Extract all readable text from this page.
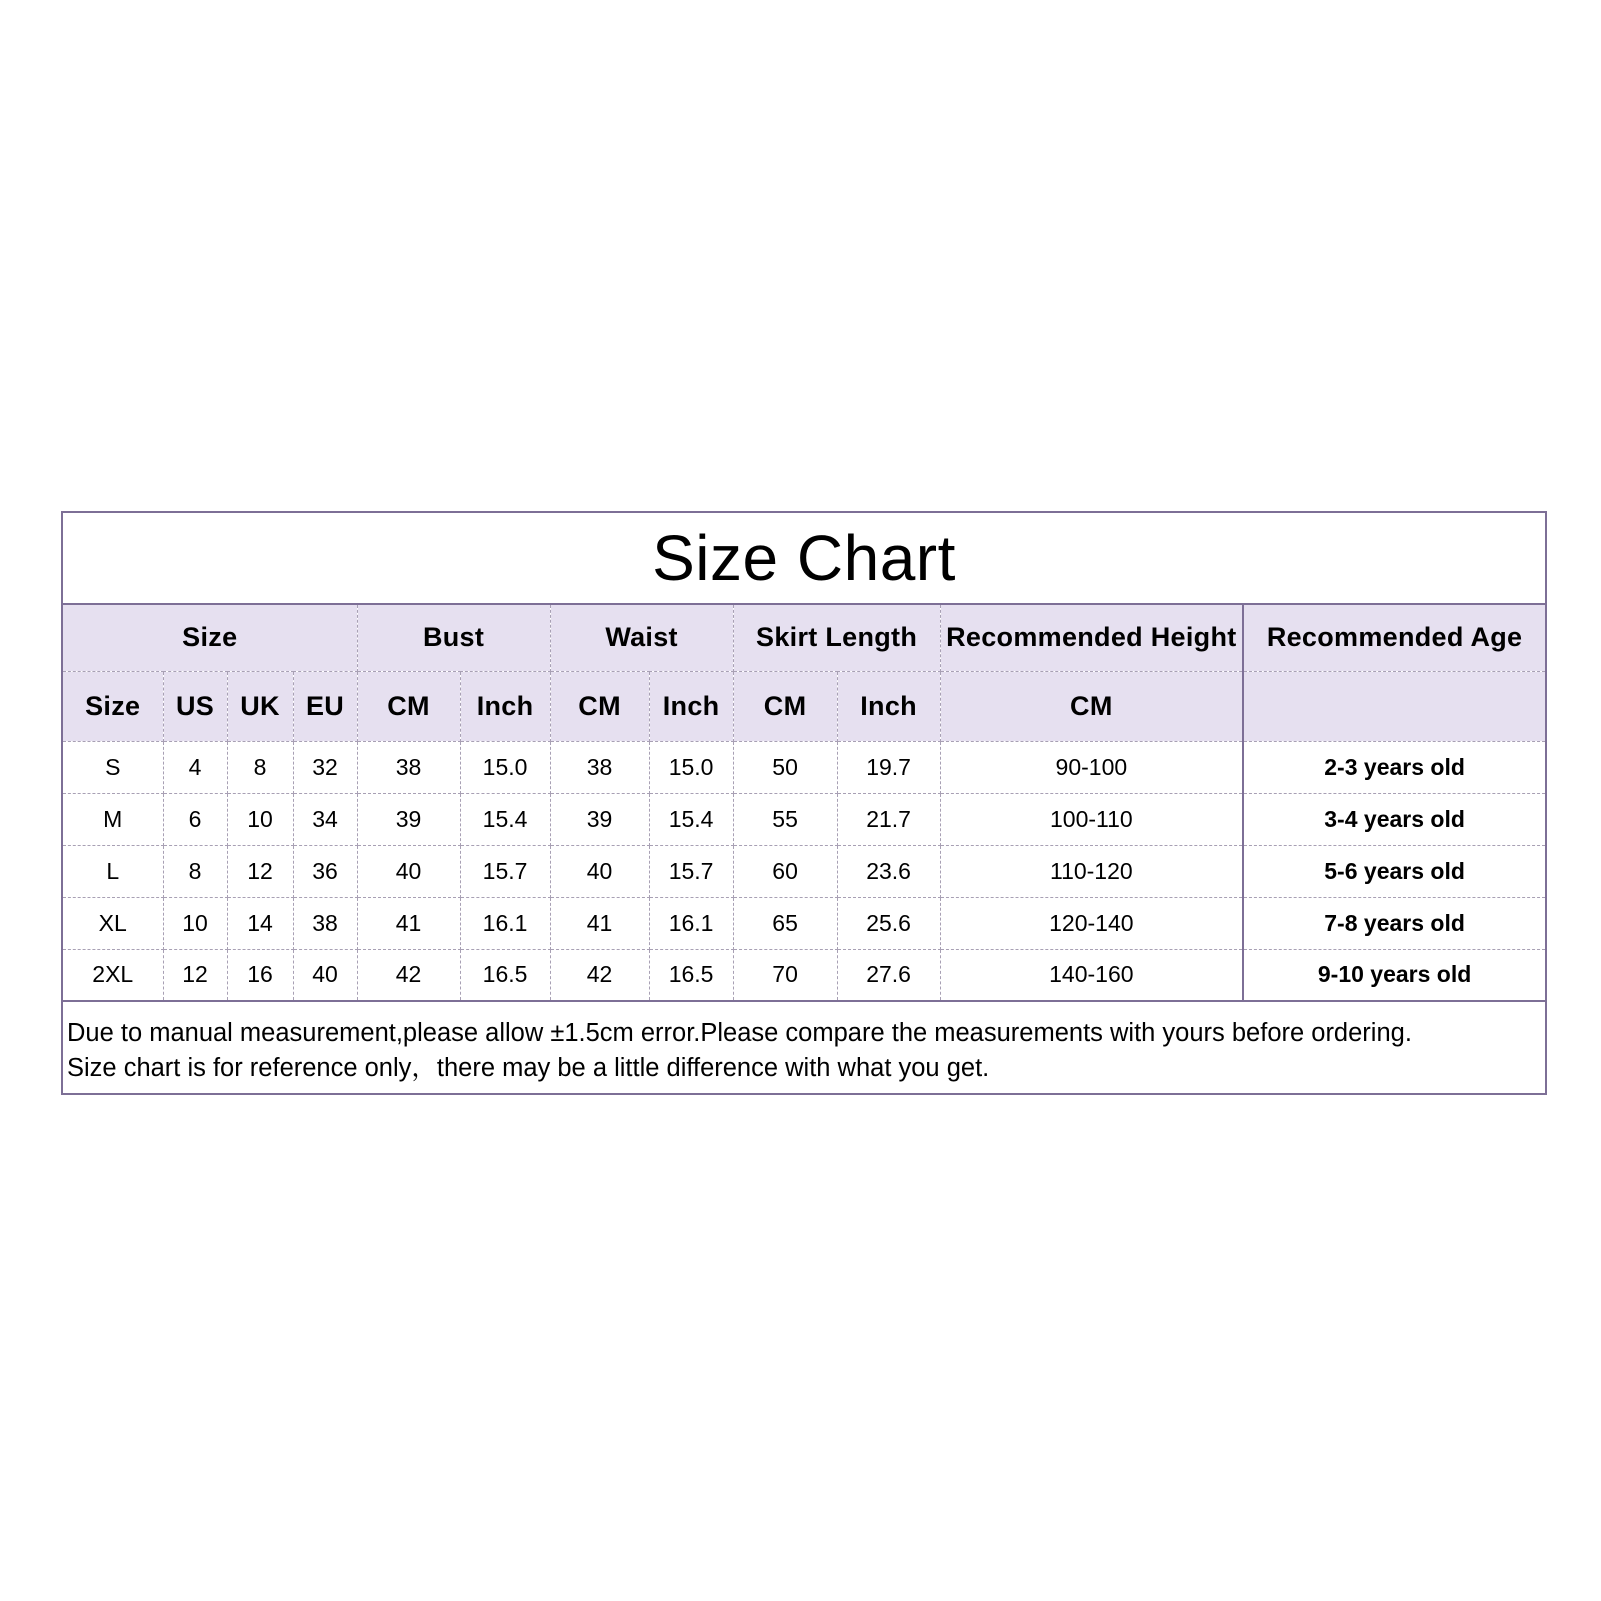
Size Chart
Size				Bust		Waist		Skirt Length		Recommended Height	Recommended Age
Size	US	UK	EU	CM	Inch	CM	Inch	CM	Inch	CM	
S	4	8	32	38	15.0	38	15.0	50	19.7	90-100	2-3 years old
M	6	10	34	39	15.4	39	15.4	55	21.7	100-110	3-4 years old
L	8	12	36	40	15.7	40	15.7	60	23.6	110-120	5-6 years old
XL	10	14	38	41	16.1	41	16.1	65	25.6	120-140	7-8 years old
2XL	12	16	40	42	16.5	42	16.5	70	27.6	140-160	9-10 years old
Due to manual measurement,please allow ±1.5cm error.Please compare the measurements with yours before ordering.
Size chart is for reference only，there may be a little difference with what you get.
